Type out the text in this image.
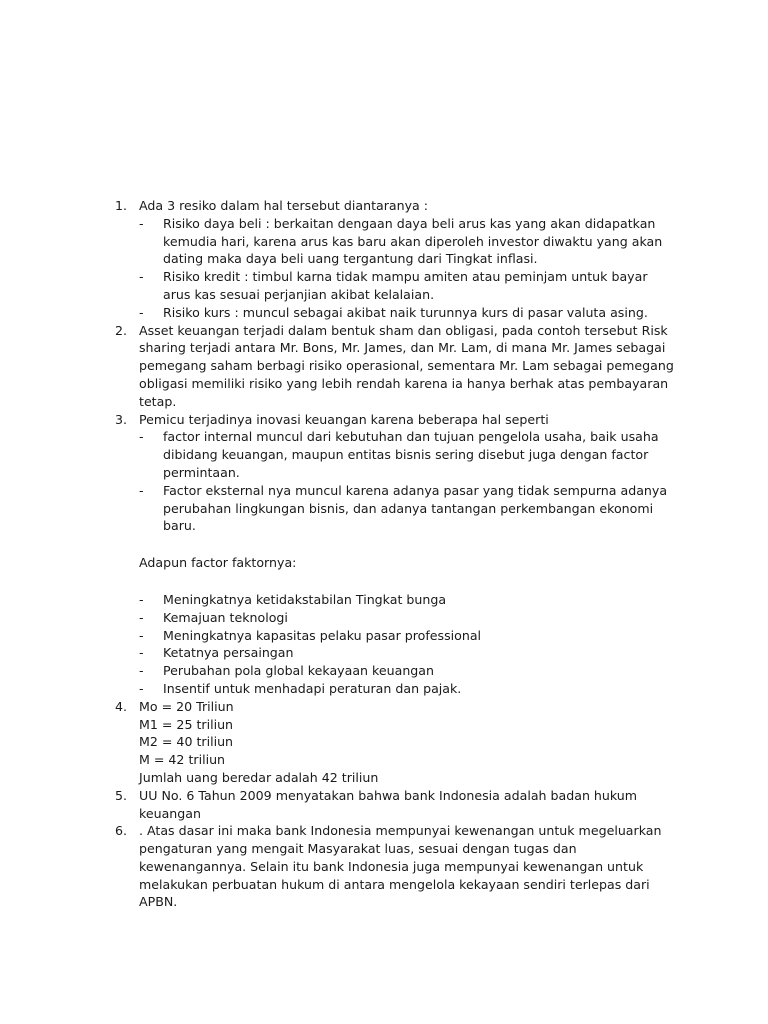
1. Ada 3 resiko dalam hal tersebut diantaranya :
-	Risiko daya beli : berkaitan dengaan daya beli arus kas yang akan didapatkan kemudia hari, karena arus kas baru akan diperoleh investor diwaktu yang akan dating maka daya beli uang tergantung dari Tingkat inflasi.
-	Risiko kredit : timbul karna tidak mampu amiten atau peminjam untuk bayar arus kas sesuai perjanjian akibat kelalaian.
-	Risiko kurs : muncul sebagai akibat naik turunnya kurs di pasar valuta asing.
2. Asset keuangan terjadi dalam bentuk sham dan obligasi, pada contoh tersebut Risk sharing terjadi antara Mr. Bons, Mr. James, dan Mr. Lam, di mana Mr. James sebagai pemegang saham berbagi risiko operasional, sementara Mr. Lam sebagai pemegang obligasi memiliki risiko yang lebih rendah karena ia hanya berhak atas pembayaran tetap.
3. Pemicu terjadinya inovasi keuangan karena beberapa hal seperti
-	factor internal muncul dari kebutuhan dan tujuan pengelola usaha, baik usaha dibidang keuangan, maupun entitas bisnis sering disebut juga dengan factor permintaan.
-	Factor eksternal nya muncul karena adanya pasar yang tidak sempurna adanya perubahan lingkungan bisnis, dan adanya tantangan perkembangan ekonomi baru.
Adapun factor faktornya:
-	Meningkatnya ketidakstabilan Tingkat bunga
-	Kemajuan teknologi
-	Meningkatnya kapasitas pelaku pasar professional
-	Ketatnya persaingan
-	Perubahan pola global kekayaan keuangan
-	Insentif untuk menhadapi peraturan dan pajak.
4. Mo = 20 Triliun
M1 = 25 triliun
M2 = 40 triliun
M = 42 triliun
Jumlah uang beredar adalah 42 triliun
5. UU No. 6 Tahun 2009 menyatakan bahwa bank Indonesia adalah badan hukum keuangan
6. . Atas dasar ini maka bank Indonesia mempunyai kewenangan untuk megeluarkan pengaturan yang mengait Masyarakat luas, sesuai dengan tugas dan kewenangannya. Selain itu bank Indonesia juga mempunyai kewenangan untuk melakukan perbuatan hukum di antara mengelola kekayaan sendiri terlepas dari APBN.
